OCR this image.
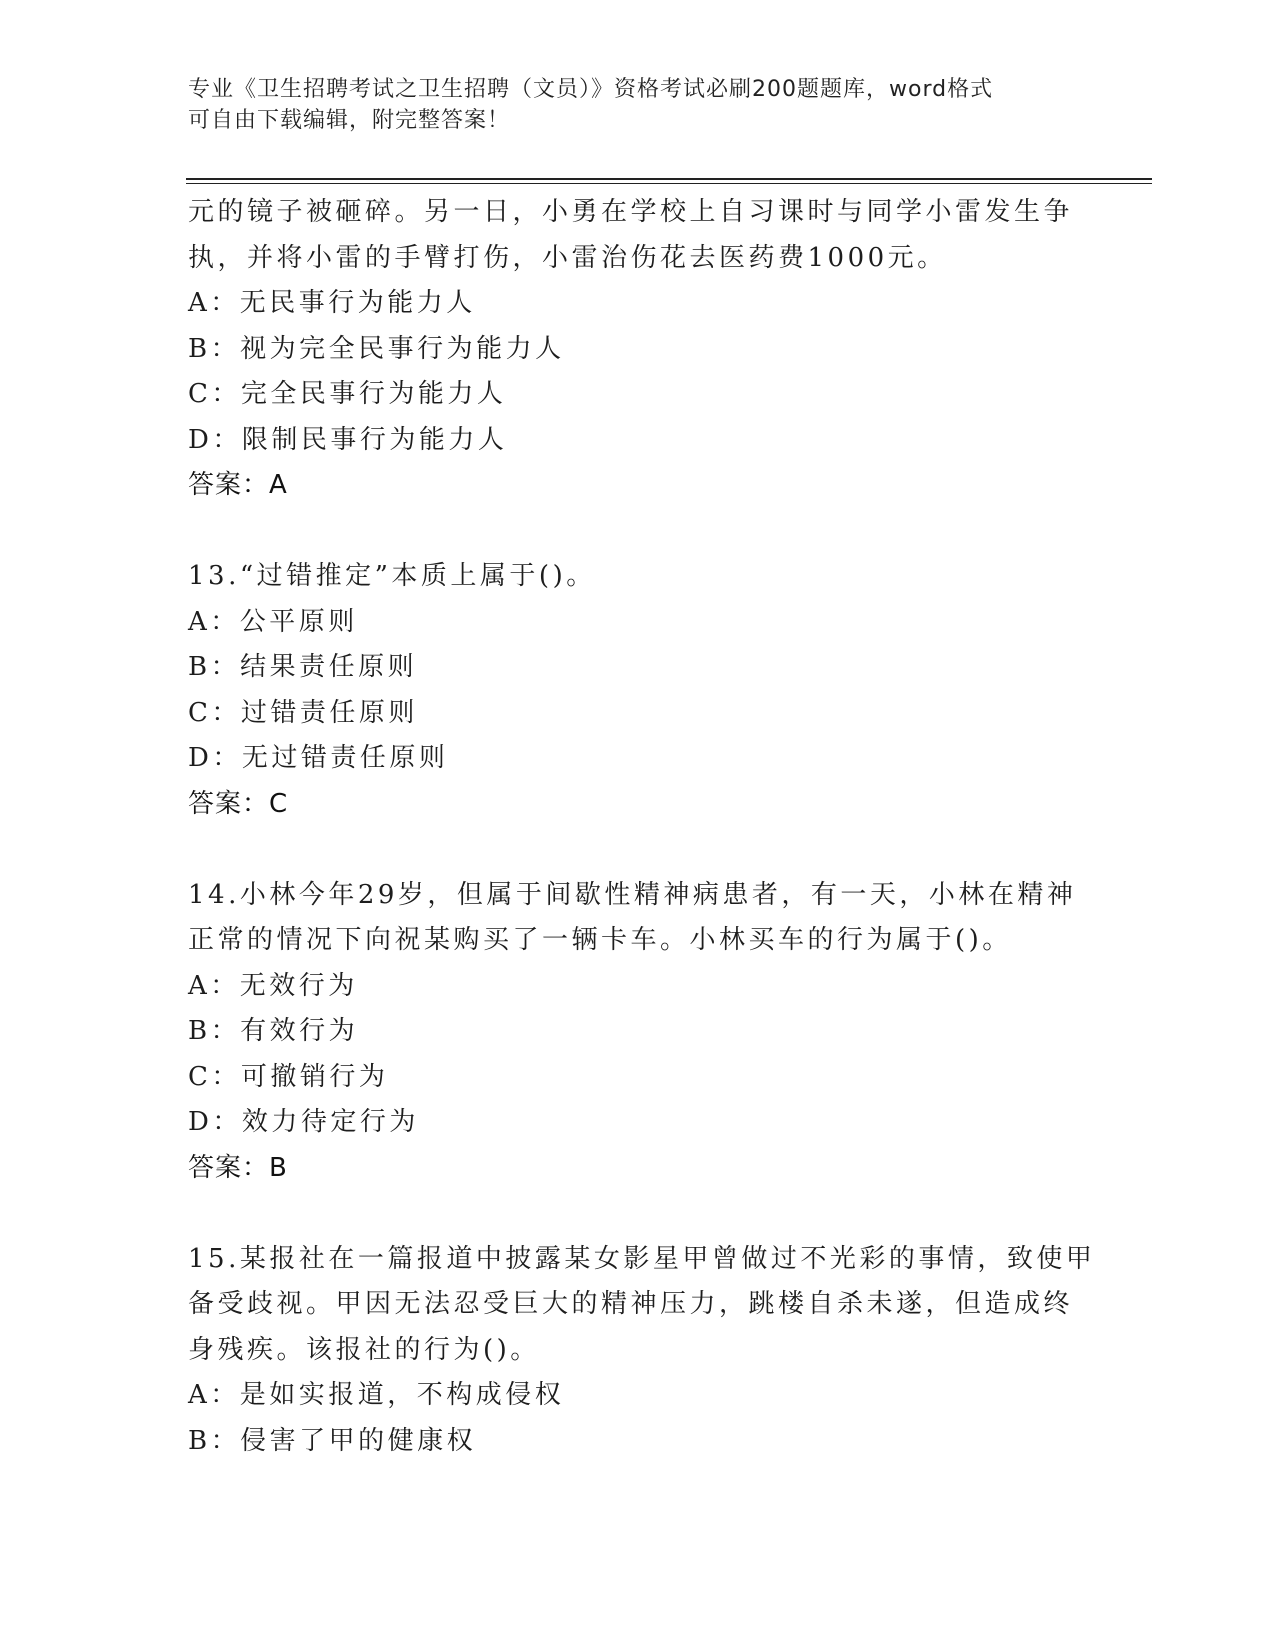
专业《卫生招聘考试之卫生招聘（文员）》资格考试必刷200题题库，word格式
可自由下载编辑，附完整答案！
元的镜子被砸碎。另一日，小勇在学校上自习课时与同学小雷发生争
执，并将小雷的手臂打伤，小雷治伤花去医药费1000元。
A：无民事行为能力人
B：视为完全民事行为能力人
C：完全民事行为能力人
D：限制民事行为能力人
答案：A
13.“过错推定”本质上属于()。
A：公平原则
B：结果责任原则
C：过错责任原则
D：无过错责任原则
答案：C
14.小林今年29岁，但属于间歇性精神病患者，有一天，小林在精神
正常的情况下向祝某购买了一辆卡车。小林买车的行为属于()。
A：无效行为
B：有效行为
C：可撤销行为
D：效力待定行为
答案：B
15.某报社在一篇报道中披露某女影星甲曾做过不光彩的事情，致使甲
备受歧视。甲因无法忍受巨大的精神压力，跳楼自杀未遂，但造成终
身残疾。该报社的行为()。
A：是如实报道，不构成侵权
B：侵害了甲的健康权
